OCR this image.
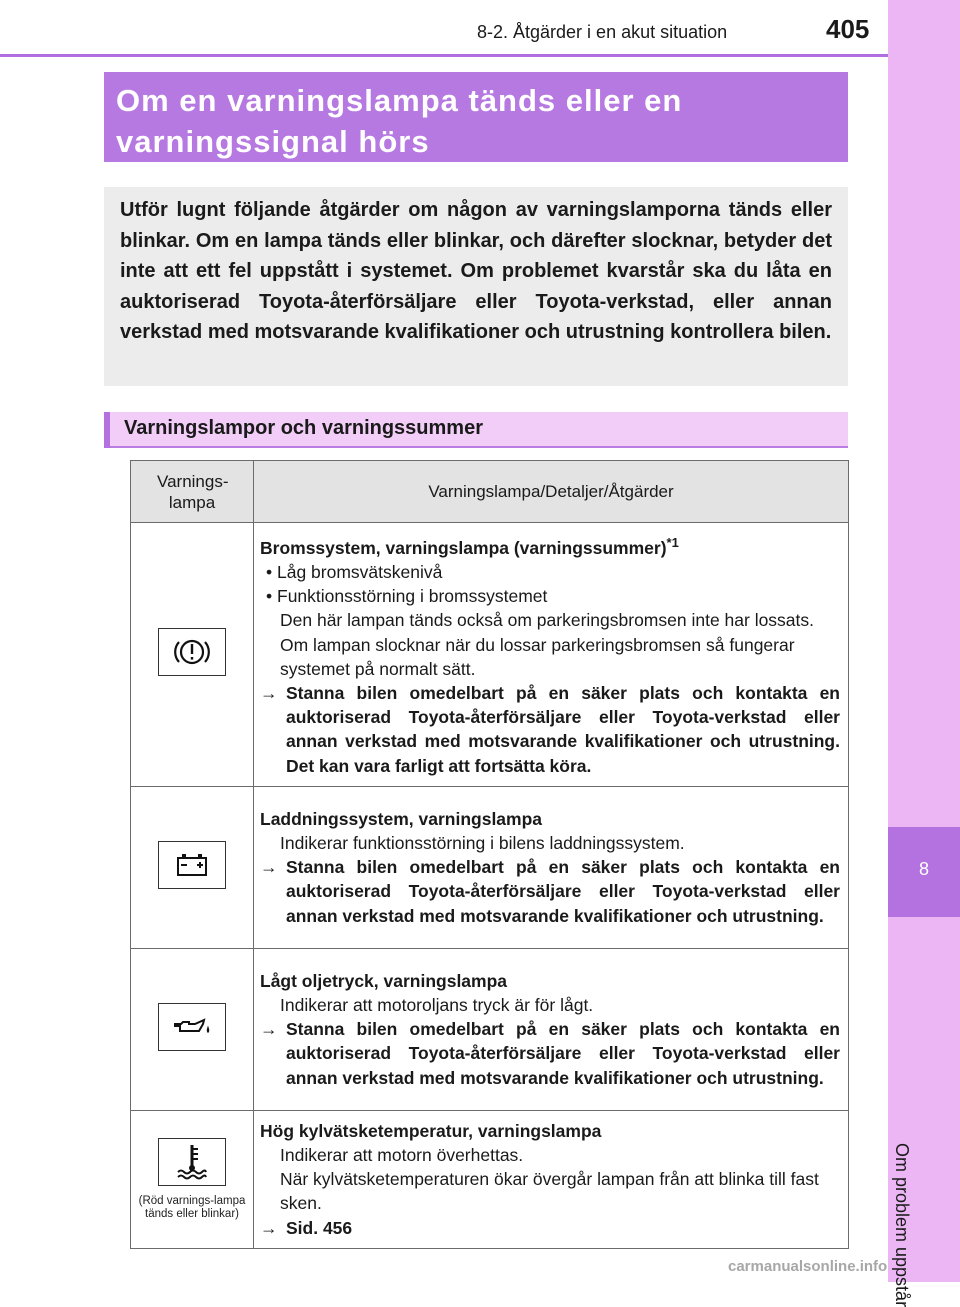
8-2. Åtgärder i en akut situation	405
8
Om problem uppstår
Om en varningslampa tänds eller en varningssignal hörs
Utför lugnt följande åtgärder om någon av varningslamporna tänds eller blinkar. Om en lampa tänds eller blinkar, och därefter slocknar, betyder det inte att ett fel uppstått i systemet. Om problemet kvarstår ska du låta en auktoriserad Toyota-återförsäljare eller Toyota-verkstad, eller annan verkstad med motsvarande kvalifikationer och utrustning kontrollera bilen.
Varningslampor och varningssummer
Varnings-lampa	Varningslampa/Detaljer/Åtgärder

Bromssystem, varningslampa (varningssummer)$^{*1}$
• Låg bromsvätskenivå
• Funktionsstörning i bromssystemet
Den här lampan tänds också om parkeringsbromsen inte har lossats. Om lampan slocknar när du lossar parkeringsbromsen så fungerar systemet på normalt sätt.
→ Stanna bilen omedelbart på en säker plats och kontakta en auktoriserad Toyota-återförsäljare eller Toyota-verkstad eller annan verkstad med motsvarande kvalifikationer och utrustning. Det kan vara farligt att fortsätta köra.

Laddningssystem, varningslampa
Indikerar funktionsstörning i bilens laddningssystem.
→ Stanna bilen omedelbart på en säker plats och kontakta en auktoriserad Toyota-återförsäljare eller Toyota-verkstad eller annan verkstad med motsvarande kvalifikationer och utrustning.

Lågt oljetryck, varningslampa
Indikerar att motoroljans tryck är för lågt.
→ Stanna bilen omedelbart på en säker plats och kontakta en auktoriserad Toyota-återförsäljare eller Toyota-verkstad eller annan verkstad med motsvarande kvalifikationer och utrustning.

(Röd varnings-lampa tänds eller blinkar)	Hög kylvätsketemperatur, varningslampa
Indikerar att motorn överhettas.
När kylvätsketemperaturen ökar övergår lampan från att blinka till fast sken.
→ Sid. 456
carmanualsonline.info
